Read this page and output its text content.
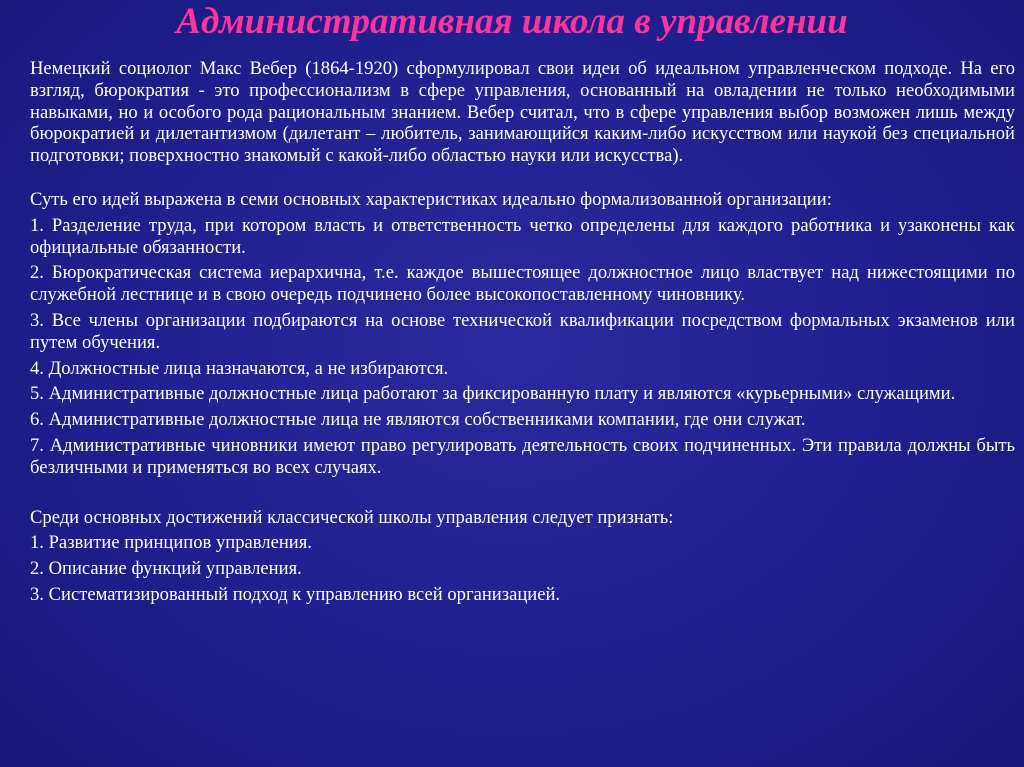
Административная школа в управлении

Немецкий социолог Макс Вебер (1864-1920) сформулировал свои идеи об идеальном управленческом подходе. На его взгляд, бюрократия - это профессионализм в сфере управления, основанный на овладении не только необходимыми навыками, но и особого рода рациональным знанием. Вебер считал, что в сфере управления выбор возможен лишь между бюрократией и дилетантизмом (дилетант – любитель, занимающийся каким-либо искусством или наукой без специальной подготовки; поверхностно знакомый с какой-либо областью науки или искусства).

Суть его идей выражена в семи основных характеристиках идеально формализованной организации:

1. Разделение труда, при котором власть и ответственность четко определены для каждого работника и узаконены как официальные обязанности.

2. Бюрократическая система иерархична, т.е. каждое вышестоящее должностное лицо властвует над нижестоящими по служебной лестнице и в свою очередь подчинено более высокопоставленному чиновнику.

3. Все члены организации подбираются на основе технической квалификации посредством формальных экзаменов или путем обучения.

4. Должностные лица назначаются, а не избираются.

5. Административные должностные лица работают за фиксированную плату и являются «курьерными» служащими.

6. Административные должностные лица не являются собственниками компании, где они служат.

7. Административные чиновники имеют право регулировать деятельность своих подчиненных. Эти правила должны быть безличными и применяться во всех случаях.

Среди основных достижений классической школы управления следует признать:

1. Развитие принципов управления.

2. Описание функций управления.

3. Систематизированный подход к управлению всей организацией.
